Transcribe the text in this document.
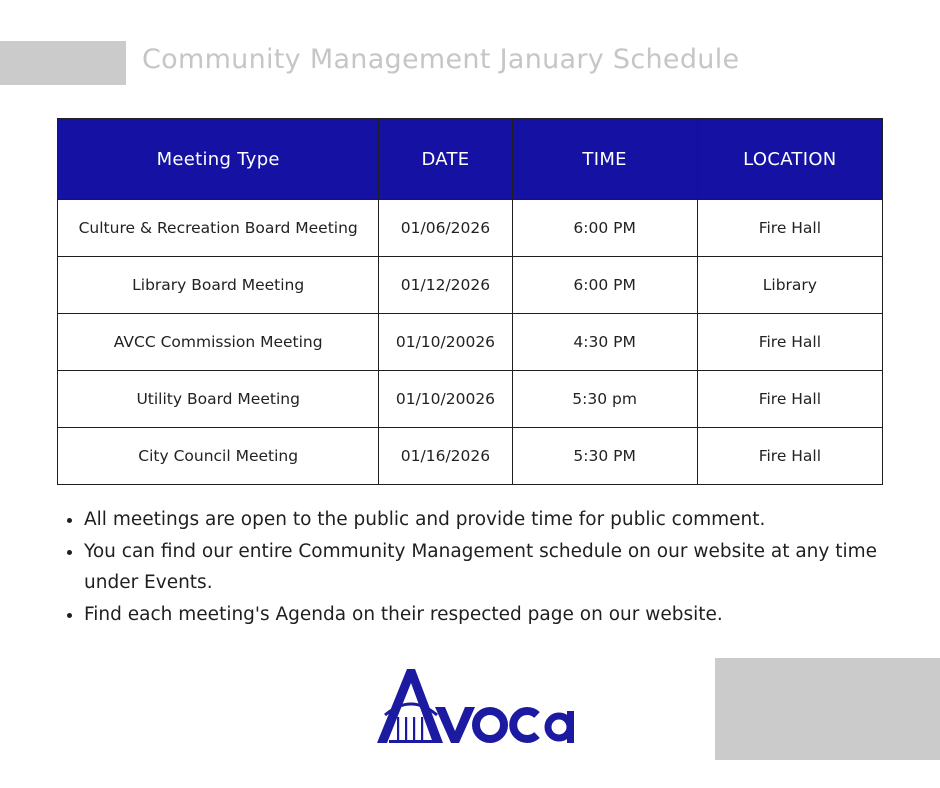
Community Management January Schedule
Meeting Type	DATE	TIME	LOCATION
Culture & Recreation Board Meeting	01/06/2026	6:00 PM	Fire Hall
Library Board Meeting	01/12/2026	6:00 PM	Library
AVCC Commission Meeting	01/10/20026	4:30 PM	Fire Hall
Utility Board Meeting	01/10/20026	5:30 pm	Fire Hall
City Council Meeting	01/16/2026	5:30 PM	Fire Hall
• All meetings are open to the public and provide time for public comment.
• You can find our entire Community Management schedule on our website at any time under Events.
• Find each meeting's Agenda on their respected page on our website.
